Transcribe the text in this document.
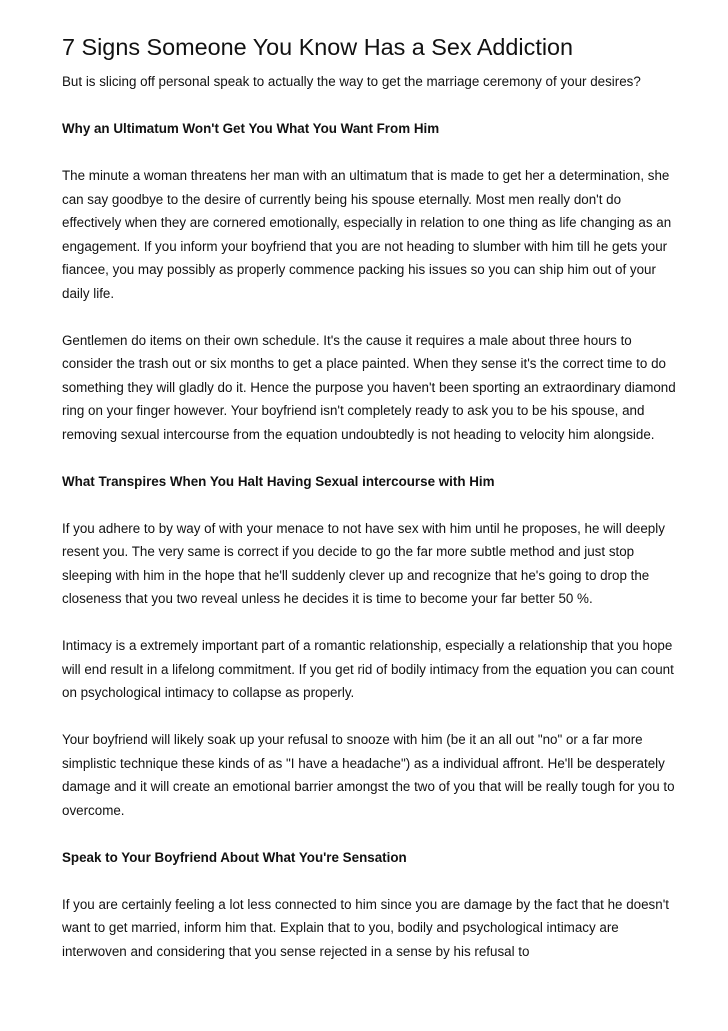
7 Signs Someone You Know Has a Sex Addiction

But is slicing off personal speak to actually the way to get the marriage ceremony of your desires?

Why an Ultimatum Won't Get You What You Want From Him

The minute a woman threatens her man with an ultimatum that is made to get her a determination, she can say goodbye to the desire of currently being his spouse eternally. Most men really don't do effectively when they are cornered emotionally, especially in relation to one thing as life changing as an engagement. If you inform your boyfriend that you are not heading to slumber with him till he gets your fiancee, you may possibly as properly commence packing his issues so you can ship him out of your daily life.

Gentlemen do items on their own schedule. It's the cause it requires a male about three hours to consider the trash out or six months to get a place painted. When they sense it's the correct time to do something they will gladly do it. Hence the purpose you haven't been sporting an extraordinary diamond ring on your finger however. Your boyfriend isn't completely ready to ask you to be his spouse, and removing sexual intercourse from the equation undoubtedly is not heading to velocity him alongside.

What Transpires When You Halt Having Sexual intercourse with Him

If you adhere to by way of with your menace to not have sex with him until he proposes, he will deeply resent you. The very same is correct if you decide to go the far more subtle method and just stop sleeping with him in the hope that he'll suddenly clever up and recognize that he's going to drop the closeness that you two reveal unless he decides it is time to become your far better 50 %.

Intimacy is a extremely important part of a romantic relationship, especially a relationship that you hope will end result in a lifelong commitment. If you get rid of bodily intimacy from the equation you can count on psychological intimacy to collapse as properly.

Your boyfriend will likely soak up your refusal to snooze with him (be it an all out "no" or a far more simplistic technique these kinds of as "I have a headache") as a individual affront. He'll be desperately damage and it will create an emotional barrier amongst the two of you that will be really tough for you to overcome.

Speak to Your Boyfriend About What You're Sensation

If you are certainly feeling a lot less connected to him since you are damage by the fact that he doesn't want to get married, inform him that. Explain that to you, bodily and psychological intimacy are interwoven and considering that you sense rejected in a sense by his refusal to
